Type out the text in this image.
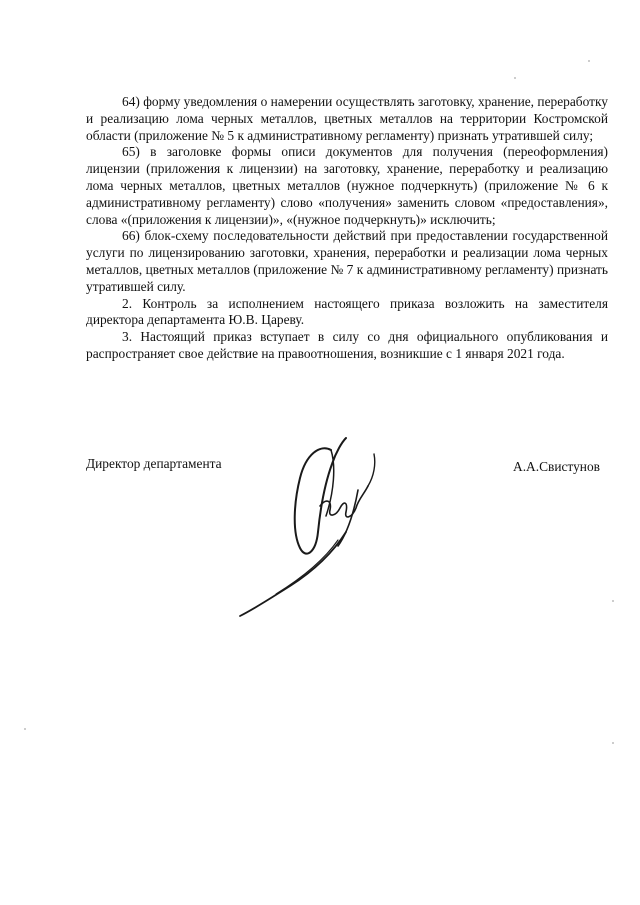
64) форму уведомления о намерении осуществлять заготовку, хранение, переработку и реализацию лома черных металлов, цветных металлов на территории Костромской области (приложение № 5 к административному регламенту) признать утратившей силу;

65) в заголовке формы описи документов для получения (переоформления) лицензии (приложения к лицензии) на заготовку, хранение, переработку и реализацию лома черных металлов, цветных металлов (нужное подчеркнуть) (приложение № 6 к административному регламенту) слово «получения» заменить словом «предоставления», слова «(приложения к лицензии)», «(нужное подчеркнуть)» исключить;

66) блок-схему последовательности действий при предоставлении государственной услуги по лицензированию заготовки, хранения, переработки и реализации лома черных металлов, цветных металлов (приложение № 7 к административному регламенту) признать утратившей силу.

2. Контроль за исполнением настоящего приказа возложить на заместителя директора департамента Ю.В. Цареву.

3. Настоящий приказ вступает в силу со дня официального опубликования и распространяет свое действие на правоотношения, возникшие с 1 января 2021 года.

Директор департамента	А.А.Свистунов
